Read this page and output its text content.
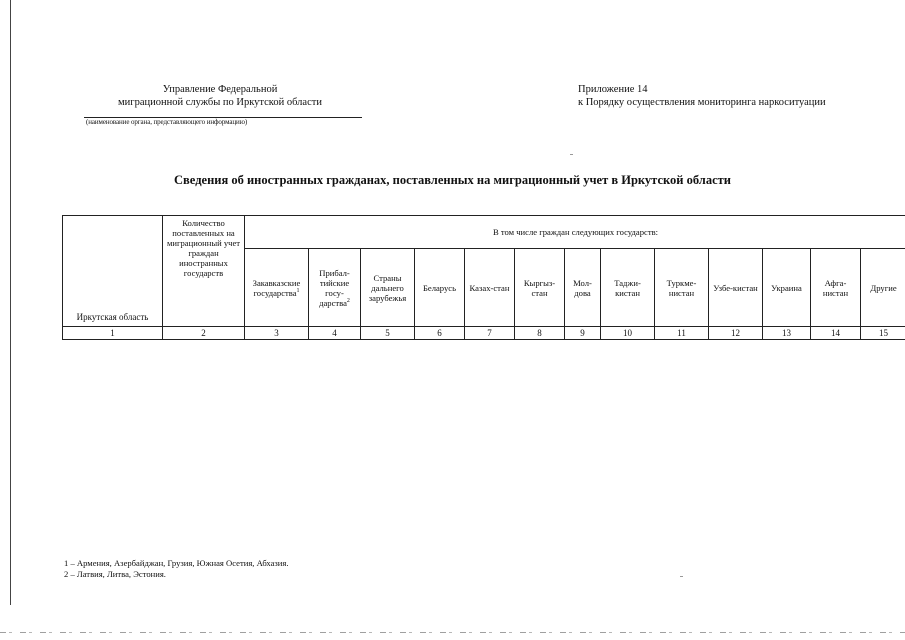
Управление Федеральной
миграционной службы по Иркутской области
(наименование органа, представляющего информацию)
Приложение 14
к Порядку осуществления мониторинга наркоситуации
Сведения об иностранных гражданах, поставленных на миграционный учет в Иркутской области
Иркутская область	Количество поставленных на миграционный учет граждан иностранных государств	В том числе граждан следующих государств:												
		Закавказские государства$^1$	Прибал-тийские госу-дарства$^2$	Страны дальнего зарубежья	Беларусь	Казах-стан	Кыргыз-стан	Мол-дова	Таджи-кистан	Туркме-нистан	Узбе-кистан	Украина	Афга-нистан	Другие
1	2	3	4	5	6	7	8	9	10	11	12	13	14	15
1 – Армения, Азербайджан, Грузия, Южная Осетия, Абхазия.
2 – Латвия, Литва, Эстония.
